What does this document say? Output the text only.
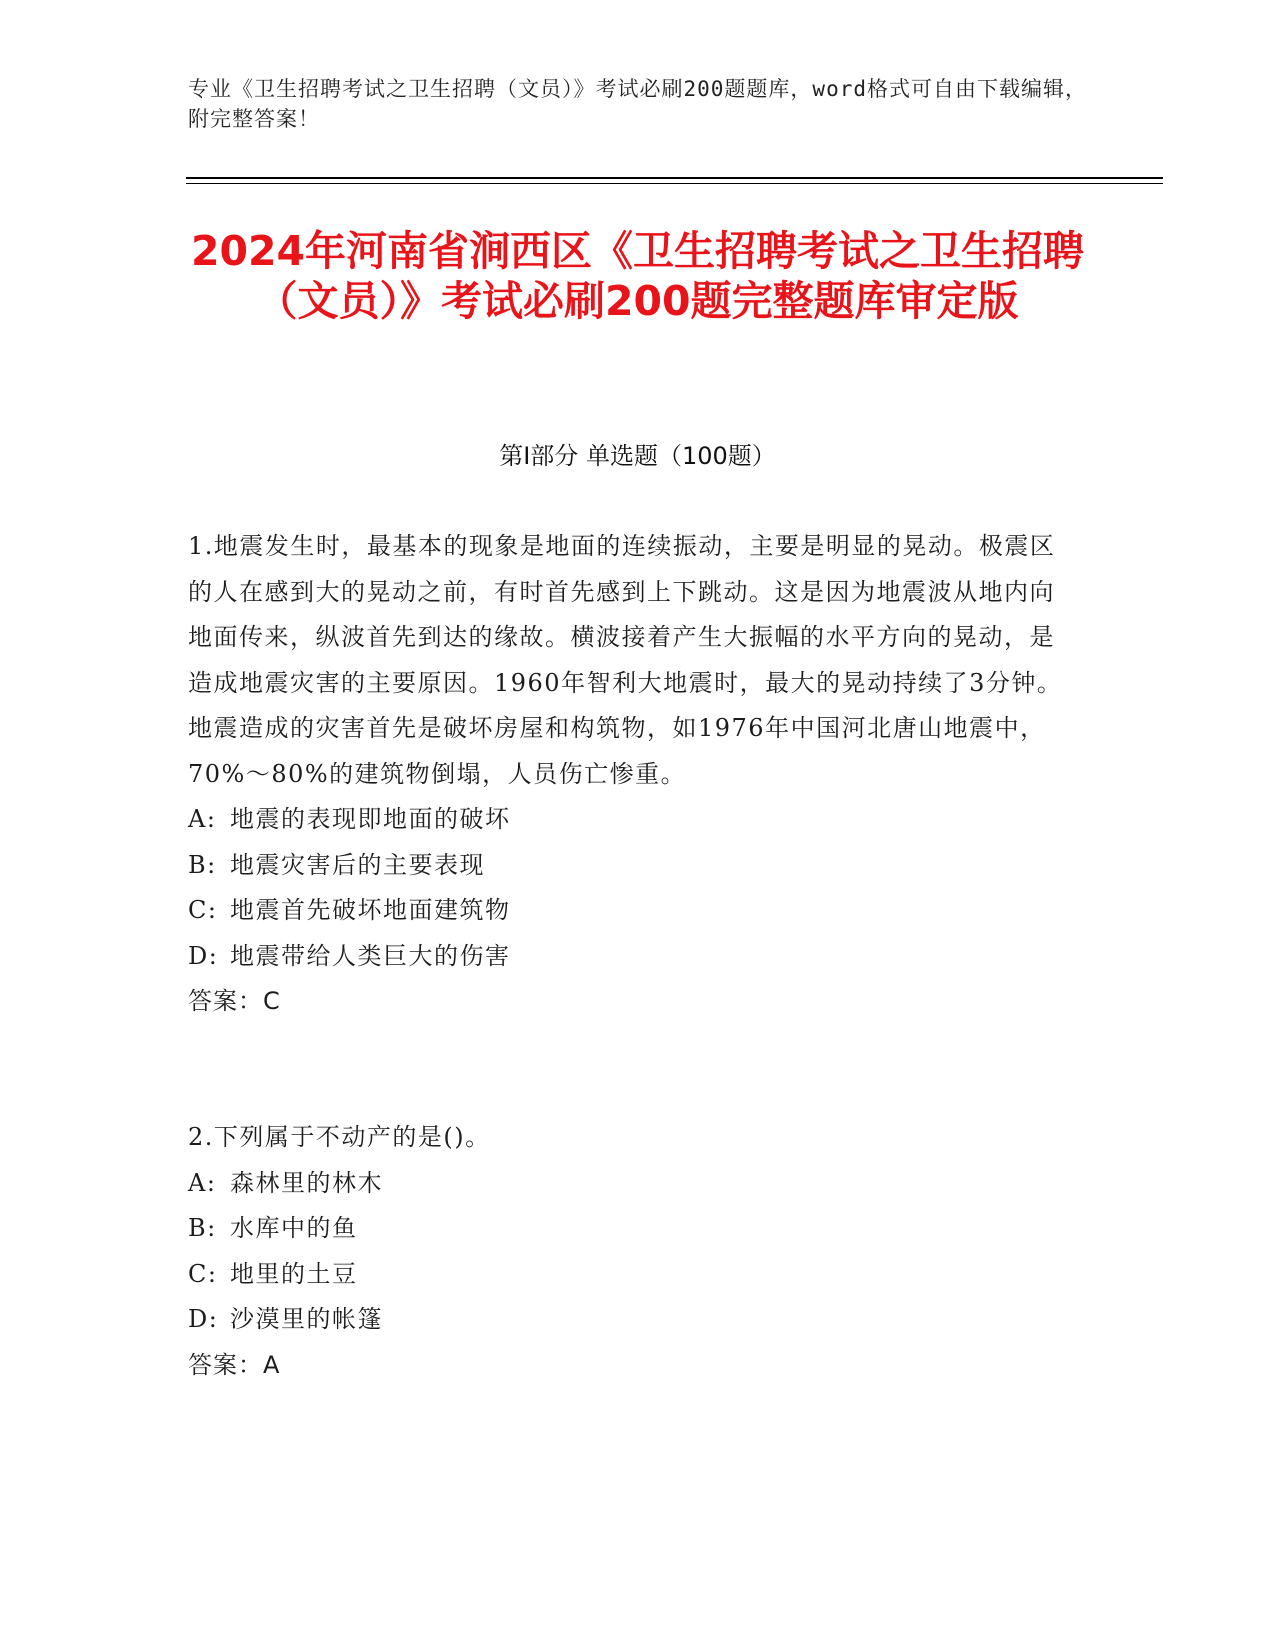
专业《卫生招聘考试之卫生招聘（文员）》考试必刷200题题库，word格式可自由下载编辑，附完整答案！
2024年河南省涧西区《卫生招聘考试之卫生招聘（文员）》考试必刷200题完整题库审定版
第Ⅰ部分 单选题（100题）

1.地震发生时，最基本的现象是地面的连续振动，主要是明显的晃动。极震区的人在感到大的晃动之前，有时首先感到上下跳动。这是因为地震波从地内向地面传来，纵波首先到达的缘故。横波接着产生大振幅的水平方向的晃动，是造成地震灾害的主要原因。1960年智利大地震时，最大的晃动持续了3分钟。地震造成的灾害首先是破坏房屋和构筑物，如1976年中国河北唐山地震中，70%～80%的建筑物倒塌，人员伤亡惨重。

A: 地震的表现即地面的破坏

B: 地震灾害后的主要表现

C: 地震首先破坏地面建筑物

D: 地震带给人类巨大的伤害

答案：C

2.下列属于不动产的是()。

A: 森林里的林木

B: 水库中的鱼

C: 地里的土豆

D: 沙漠里的帐篷

答案：A
